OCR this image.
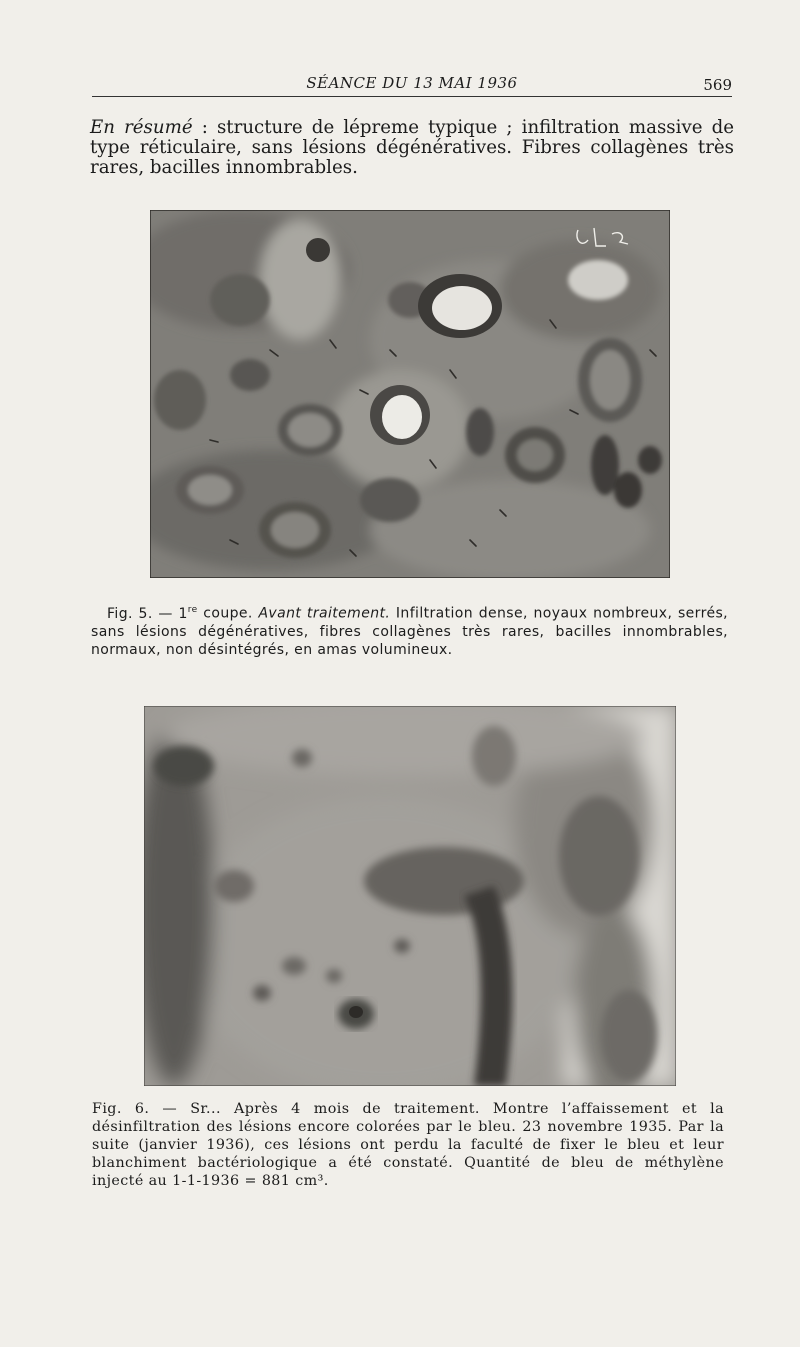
SÉANCE DU 13 MAI 1936	569

En résumé : structure de lépreme typique ; infiltration massive de type réticulaire, sans lésions dégénératives. Fibres collagènes très rares, bacilles innombrables.

Fig. 5. — 1re coupe. Avant traitement. Infiltration dense, noyaux nombreux, serrés, sans lésions dégénératives, fibres collagènes très rares, bacilles innombrables, normaux, non désintégrés, en amas volumineux.

Fig. 6. — Sr... Après 4 mois de traitement. Montre l’affaissement et la désinfiltration des lésions encore colorées par le bleu. 23 novembre 1935. Par la suite (janvier 1936), ces lésions ont perdu la faculté de fixer le bleu et leur blanchiment bactériologique a été constaté. Quantité de bleu de méthylène injecté au 1-1-1936 = 881 cm³.
